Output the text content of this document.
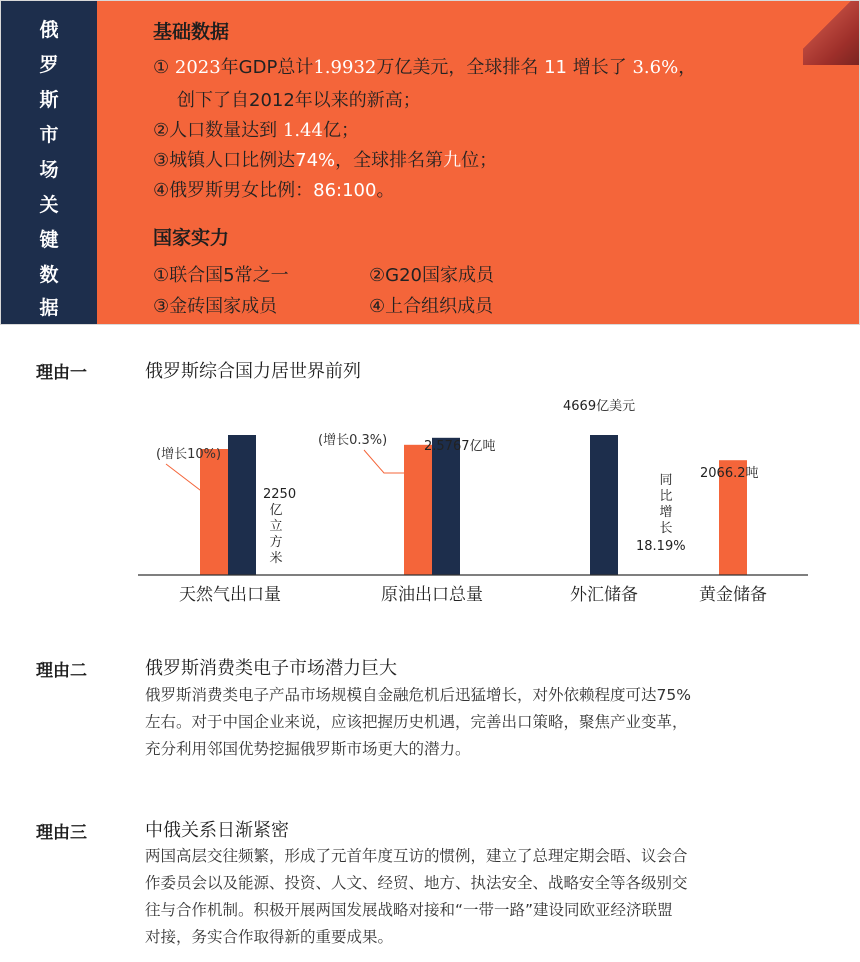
俄
罗
斯
市
场
关
键
数
据
基础数据
① 2023年GDP总计1.9932万亿美元，全球排名 11 增长了 3.6%，
创下了自2012年以来的新高；
②人口数量达到 1.44亿；
③城镇人口比例达74%，全球排名第九位；
④俄罗斯男女比例：86:100。
国家实力
①联合国5常之一	②G20国家成员
③金砖国家成员	④上合组织成员
理由一	俄罗斯综合国力居世界前列
天然气出口量	原油出口总量	外汇储备	黄金储备
(增长10%)
2250
亿
立
方
米
(增长0.3%)	2.5767亿吨
4669亿美元
同
比
增
长
18.19%
2066.2吨
理由二	俄罗斯消费类电子市场潜力巨大
俄罗斯消费类电子产品市场规模自金融危机后迅猛增长，对外依赖程度可达75%
左右。对于中国企业来说，应该把握历史机遇，完善出口策略，聚焦产业变革，
充分利用邻国优势挖掘俄罗斯市场更大的潜力。
理由三	中俄关系日渐紧密
两国高层交往频繁，形成了元首年度互访的惯例，建立了总理定期会晤、议会合
作委员会以及能源、投资、人文、经贸、地方、执法安全、战略安全等各级别交
往与合作机制。积极开展两国发展战略对接和“一带一路”建设同欧亚经济联盟
对接，务实合作取得新的重要成果。
